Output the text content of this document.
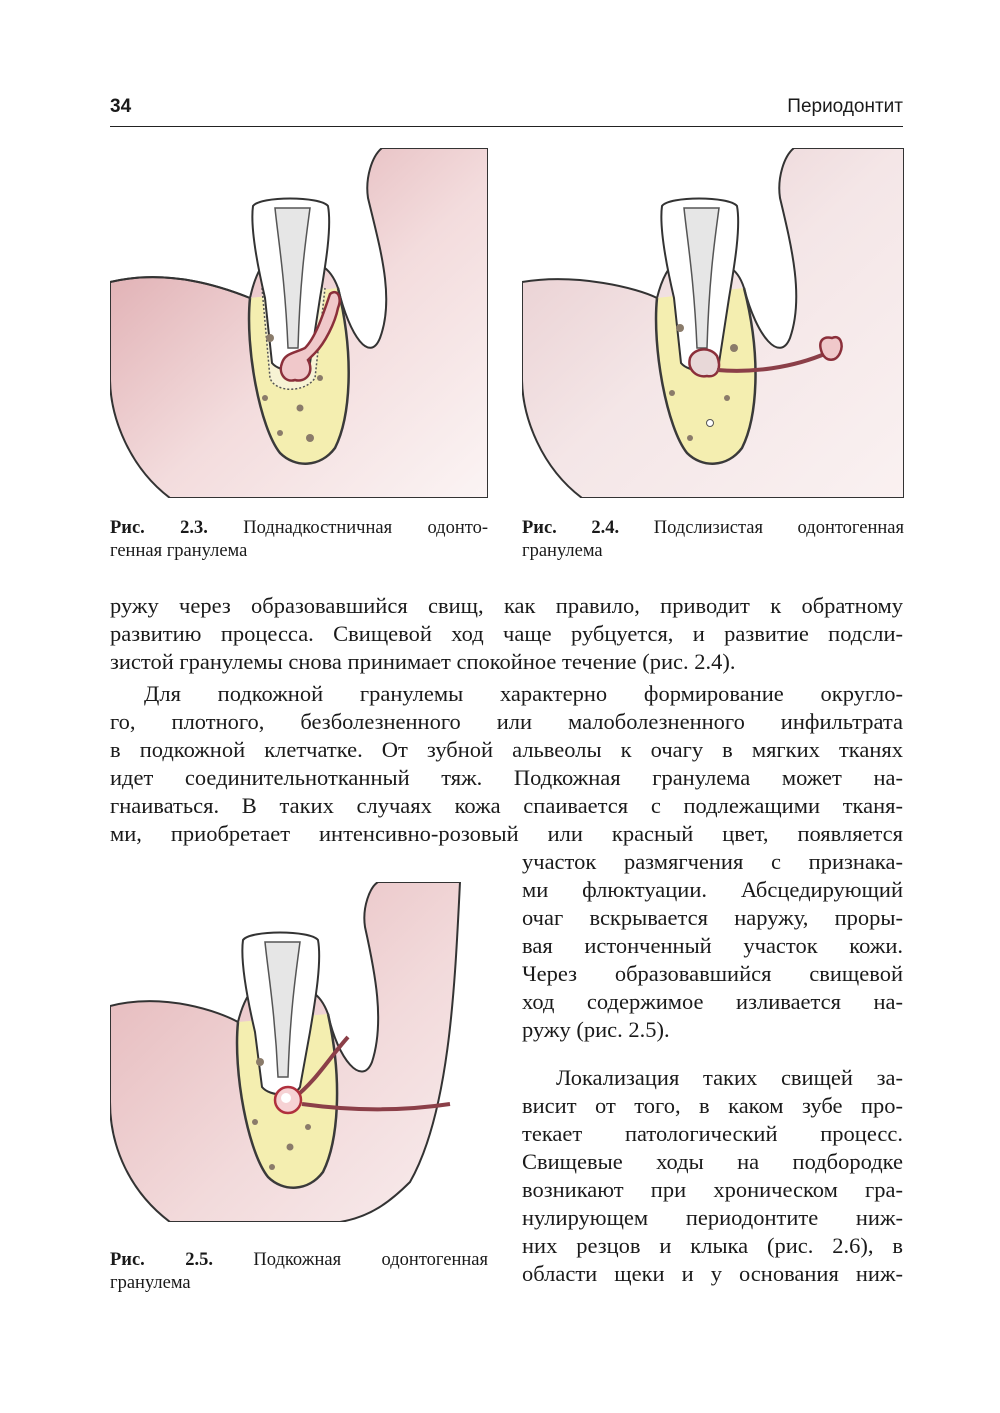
34	Периодонтит
Рис. 2.3. Поднадкостничная одонто-
генная гранулема
Рис. 2.4. Подслизистая одонтогенная
гранулема
ружу через образовавшийся свищ, как правило, приводит к обратному
развитию процесса. Свищевой ход чаще рубцуется, и развитие подсли-
зистой гранулемы снова принимает спокойное течение (рис. 2.4).
Для подкожной гранулемы характерно формирование округло-
го, плотного, безболезненного или малоболезненного инфильтрата
в подкожной клетчатке. От зубной альвеолы к очагу в мягких тканях
идет соединительнотканный тяж. Подкожная гранулема может на-
гнаиваться. В таких случаях кожа спаивается с подлежащими тканя-
ми, приобретает интенсивно-розовый или красный цвет, появляется
Рис. 2.5. Подкожная одонтогенная
гранулема
участок размягчения с признака-
ми флюктуации. Абсцедирующий
очаг вскрывается наружу, проры-
вая истонченный участок кожи.
Через образовавшийся свищевой
ход содержимое изливается на-
ружу (рис. 2.5).
Локализация таких свищей за-
висит от того, в каком зубе про-
текает патологический процесс.
Свищевые ходы на подбородке
возникают при хроническом гра-
нулирующем периодонтите ниж-
них резцов и клыка (рис. 2.6), в
области щеки и у основания ниж-
